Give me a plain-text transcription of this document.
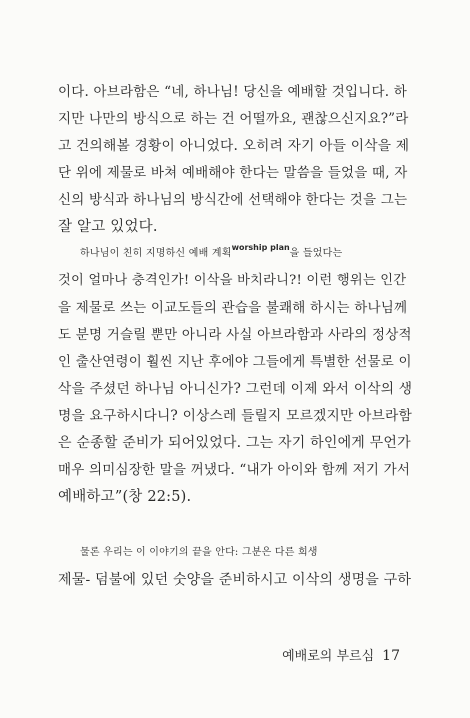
이다. 아브라함은 “네, 하나님! 당신을 예배할 것입니다. 하
지만 나만의 방식으로 하는 건 어떨까요, 괜찮으신지요?”라
고 건의해볼 경황이 아니었다. 오히려 자기 아들 이삭을 제
단 위에 제물로 바쳐 예배해야 한다는 말씀을 들었을 때, 자
신의 방식과 하나님의 방식간에 선택해야 한다는 것을 그는
잘 알고 있었다.
하나님이 친히 지명하신 예배 계획$^{worship plan}$을 들었다는
것이 얼마나 충격인가! 이삭을 바치라니?! 이런 행위는 인간
을 제물로 쓰는 이교도들의 관습을 불쾌해 하시는 하나님께
도 분명 거슬릴 뿐만 아니라 사실 아브라함과 사라의 정상적
인 출산연령이 훨씬 지난 후에야 그들에게 특별한 선물로 이
삭을 주셨던 하나님 아니신가? 그런데 이제 와서 이삭의 생
명을 요구하시다니? 이상스레 들릴지 모르겠지만 아브라함
은 순종할 준비가 되어있었다. 그는 자기 하인에게 무언가
매우 의미심장한 말을 꺼냈다. “내가 아이와 함께 저기 가서
예배하고”(창 22:5).
물론 우리는 이 이야기의 끝을 안다: 그분은 다른 희생
제물- 덤불에 있던 숫양을 준비하시고 이삭의 생명을 구하
예배로의 부르심 17
